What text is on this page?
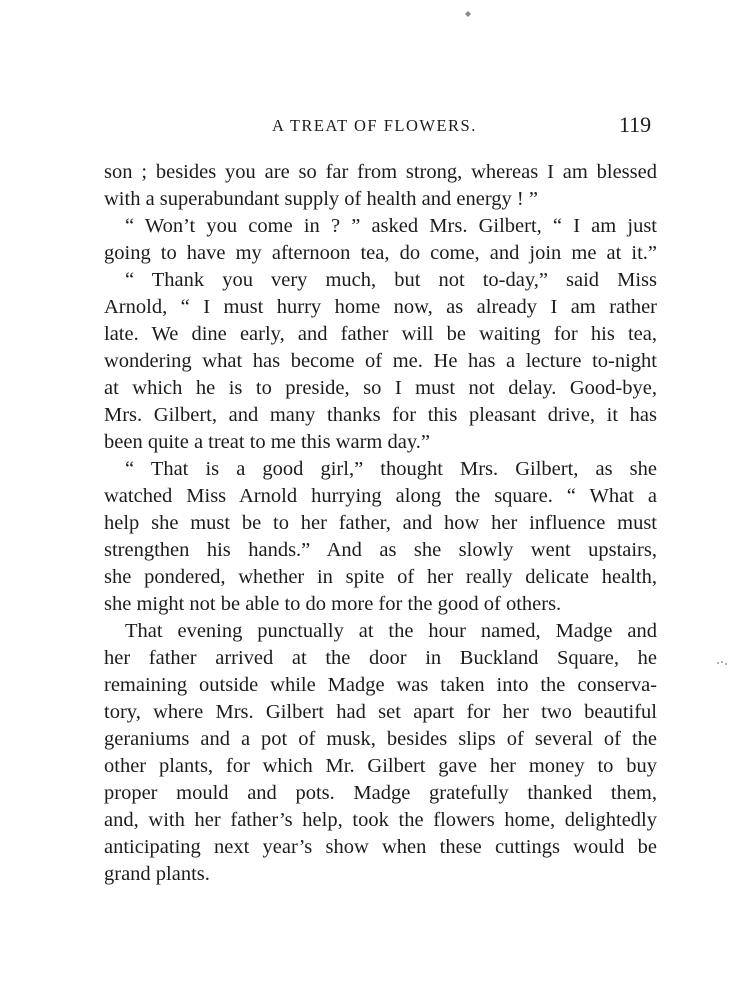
A TREAT OF FLOWERS.	119
son ; besides you are so far from strong, whereas I am blessed
with a superabundant supply of health and energy ! ”
“ Won’t you come in ? ” asked Mrs. Gilbert, “ I am just
going to have my afternoon tea, do come, and join me at it.”
“ Thank you very much, but not to-day,” said Miss
Arnold, “ I must hurry home now, as already I am rather
late. We dine early, and father will be waiting for his tea,
wondering what has become of me. He has a lecture to-night
at which he is to preside, so I must not delay. Good-bye,
Mrs. Gilbert, and many thanks for this pleasant drive, it has
been quite a treat to me this warm day.”
“ That is a good girl,” thought Mrs. Gilbert, as she
watched Miss Arnold hurrying along the square. “ What a
help she must be to her father, and how her influence must
strengthen his hands.” And as she slowly went upstairs,
she pondered, whether in spite of her really delicate health,
she might not be able to do more for the good of others.
That evening punctually at the hour named, Madge and
her father arrived at the door in Buckland Square, he
remaining outside while Madge was taken into the conserva-
tory, where Mrs. Gilbert had set apart for her two beautiful
geraniums and a pot of musk, besides slips of several of the
other plants, for which Mr. Gilbert gave her money to buy
proper mould and pots. Madge gratefully thanked them,
and, with her father’s help, took the flowers home, delightedly
anticipating next year’s show when these cuttings would be
grand plants.
